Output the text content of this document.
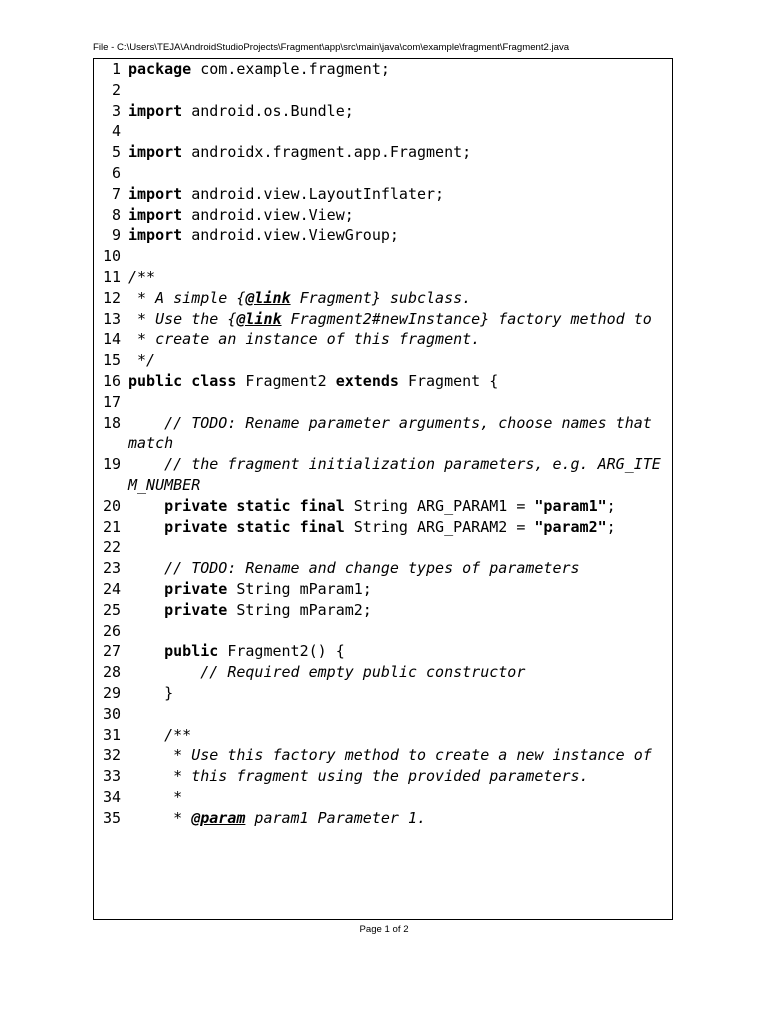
File - C:\Users\TEJA\AndroidStudioProjects\Fragment\app\src\main\java\com\example\fragment\Fragment2.java
1 package com.example.fragment;
2

3 import android.os.Bundle;
4

5 import androidx.fragment.app.Fragment;
6

7 import android.view.LayoutInflater;
8 import android.view.View;
9 import android.view.ViewGroup;
10

11 /**
12 * A simple {@link Fragment} subclass.
13 * Use the {@link Fragment2#newInstance} factory method to
14 * create an instance of this fragment.
15 */
16 public class Fragment2 extends Fragment {
17

18 // TODO: Rename parameter arguments, choose names that match
19 // the fragment initialization parameters, e.g. ARG_ITEM_NUMBER
20	private static final String ARG_PARAM1 = "param1";
21	private static final String ARG_PARAM2 = "param2";
22

23 // TODO: Rename and change types of parameters
24	private String mParam1;
25	private String mParam2;
26

27	public Fragment2() {
28 // Required empty public constructor
29 }
30

31 /**
32 * Use this factory method to create a new instance of
33 * this fragment using the provided parameters.
34 *
35 * @param param1 Parameter 1.
Page 1 of 2
